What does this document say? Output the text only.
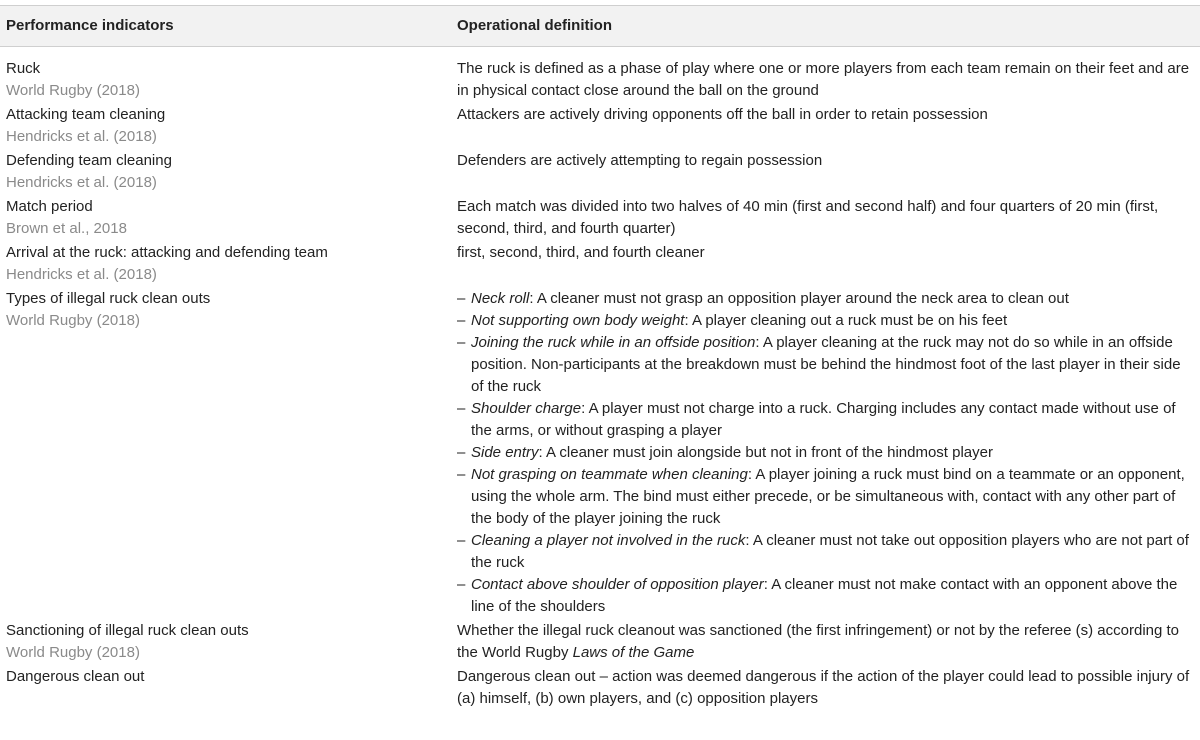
Performance indicators	Operational definition
Ruck
World Rugby (2018)
The ruck is defined as a phase of play where one or more players from each team remain on their feet and are in physical contact close around the ball on the ground
Attacking team cleaning
Hendricks et al. (2018)
Attackers are actively driving opponents off the ball in order to retain possession
Defending team cleaning
Hendricks et al. (2018)
Defenders are actively attempting to regain possession
Match period
Brown et al., 2018
Each match was divided into two halves of 40 min (first and second half) and four quarters of 20 min (first, second, third, and fourth quarter)
Arrival at the ruck: attacking and defending team
Hendricks et al. (2018)
first, second, third, and fourth cleaner
Types of illegal ruck clean outs
World Rugby (2018)
– Neck roll: A cleaner must not grasp an opposition player around the neck area to clean out
– Not supporting own body weight: A player cleaning out a ruck must be on his feet
– Joining the ruck while in an offside position: A player cleaning at the ruck may not do so while in an offside position. Non-participants at the breakdown must be behind the hindmost foot of the last player in their side of the ruck
– Shoulder charge: A player must not charge into a ruck. Charging includes any contact made without use of the arms, or without grasping a player
– Side entry: A cleaner must join alongside but not in front of the hindmost player
– Not grasping on teammate when cleaning: A player joining a ruck must bind on a teammate or an opponent, using the whole arm. The bind must either precede, or be simultaneous with, contact with any other part of the body of the player joining the ruck
– Cleaning a player not involved in the ruck: A cleaner must not take out opposition players who are not part of the ruck
– Contact above shoulder of opposition player: A cleaner must not make contact with an opponent above the line of the shoulders
Sanctioning of illegal ruck clean outs
World Rugby (2018)
Whether the illegal ruck cleanout was sanctioned (the first infringement) or not by the referee (s) according to the World Rugby Laws of the Game
Dangerous clean out	Dangerous clean out – action was deemed dangerous if the action of the player could lead to possible injury of (a) himself, (b) own players, and (c) opposition players
